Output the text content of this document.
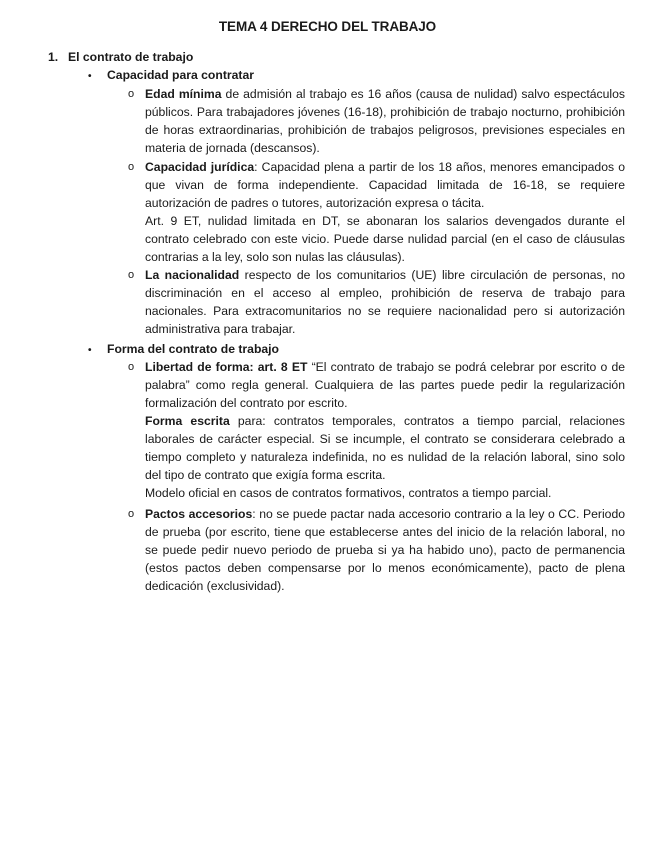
TEMA 4 DERECHO DEL TRABAJO
1. El contrato de trabajo
• Capacidad para contratar
o Edad mínima de admisión al trabajo es 16 años (causa de nulidad) salvo espectáculos públicos. Para trabajadores jóvenes (16-18), prohibición de trabajo nocturno, prohibición de horas extraordinarias, prohibición de trabajos peligrosos, previsiones especiales en materia de jornada (descansos).

o Capacidad jurídica: Capacidad plena a partir de los 18 años, menores emancipados o que vivan de forma independiente. Capacidad limitada de 16-18, se requiere autorización de padres o tutores, autorización expresa o tácita.

Art. 9 ET, nulidad limitada en DT, se abonaran los salarios devengados durante el contrato celebrado con este vicio. Puede darse nulidad parcial (en el caso de cláusulas contrarias a la ley, solo son nulas las cláusulas).

o La nacionalidad respecto de los comunitarios (UE) libre circulación de personas, no discriminación en el acceso al empleo, prohibición de reserva de trabajo para nacionales. Para extracomunitarios no se requiere nacionalidad pero si autorización administrativa para trabajar.

• Forma del contrato de trabajo
o Libertad de forma: art. 8 ET “El contrato de trabajo se podrá celebrar por escrito o de palabra” como regla general. Cualquiera de las partes puede pedir la regularización formalización del contrato por escrito.

Forma escrita para: contratos temporales, contratos a tiempo parcial, relaciones laborales de carácter especial. Si se incumple, el contrato se considerara celebrado a tiempo completo y naturaleza indefinida, no es nulidad de la relación laboral, sino solo del tipo de contrato que exigía forma escrita.

Modelo oficial en casos de contratos formativos, contratos a tiempo parcial.

o Pactos accesorios: no se puede pactar nada accesorio contrario a la ley o CC. Periodo de prueba (por escrito, tiene que establecerse antes del inicio de la relación laboral, no se puede pedir nuevo periodo de prueba si ya ha habido uno), pacto de permanencia (estos pactos deben compensarse por lo menos económicamente), pacto de plena dedicación (exclusividad).
